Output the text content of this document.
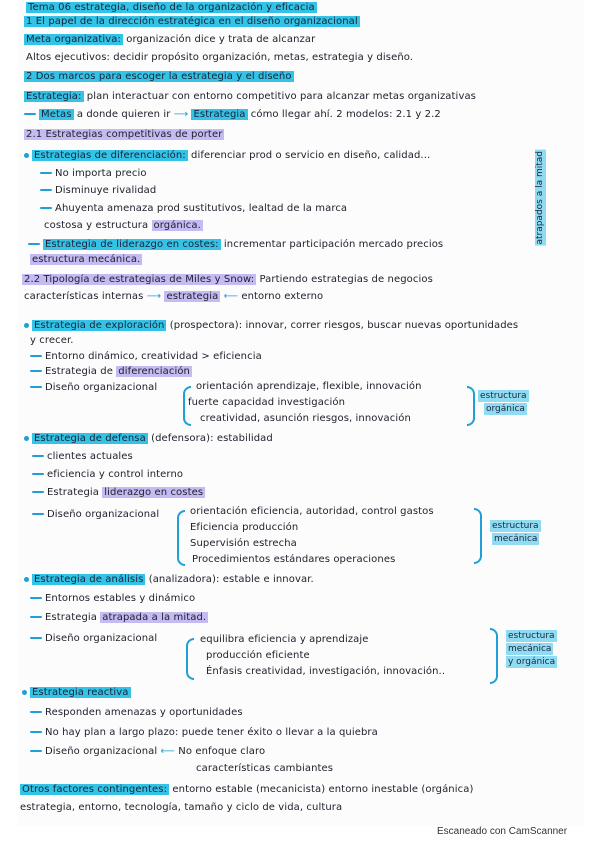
Tema 06 estrategia, diseño de la organización y eficacia
1 El papel de la dirección estratégica en el diseño organizacional
Meta organizativa: organización dice y trata de alcanzar
Altos ejecutivos: decidir propósito organización, metas, estrategia y diseño.
2 Dos marcos para escoger la estrategia y el diseño
Estrategia: plan interactuar con entorno competitivo para alcanzar metas organizativas
Metas a donde quieren ir ⟶ Estrategia cómo llegar ahí. 2 modelos: 2.1 y 2.2
2.1 Estrategias competitivas de porter
Estrategias de diferenciación: diferenciar prod o servicio en diseño, calidad...
No importa precio
Disminuye rivalidad
Ahuyenta amenaza prod sustitutivos, lealtad de la marca
costosa y estructura orgánica.
Estrategia de liderazgo en costes: incrementar participación mercado precios
estructura mecánica.
atrapados a la mitad
2.2 Tipología de estrategias de Miles y Snow: Partiendo estrategias de negocios
características internas ⟶ estrategia ⟵ entorno externo
Estrategia de exploración (prospectora): innovar, correr riesgos, buscar nuevas oportunidades
y crecer.
Entorno dinámico, creatividad > eficiencia
Estrategia de diferenciación
Diseño organizacional	orientación aprendizaje, flexible, innovación
fuerte capacidad investigación
creatividad, asunción riesgos, innovación
estructura
orgánica
Estrategia de defensa (defensora): estabilidad
clientes actuales
eficiencia y control interno
Estrategia liderazgo en costes
Diseño organizacional	orientación eficiencia, autoridad, control gastos
Eficiencia producción
Supervisión estrecha
Procedimientos estándares operaciones
estructura
mecánica
Estrategia de análisis (analizadora): estable e innovar.
Entornos estables y dinámico
Estrategia atrapada a la mitad.
Diseño organizacional	equilibra eficiencia y aprendizaje
producción eficiente
Énfasis creatividad, investigación, innovación..
estructura
mecánica
y orgánica
Estrategia reactiva
Responden amenazas y oportunidades
No hay plan a largo plazo: puede tener éxito o llevar a la quiebra
Diseño organizacional ⟵ No enfoque claro
características cambiantes
Otros factores contingentes: entorno estable (mecanicista) entorno inestable (orgánica)
estrategia, entorno, tecnología, tamaño y ciclo de vida, cultura
Escaneado con CamScanner
